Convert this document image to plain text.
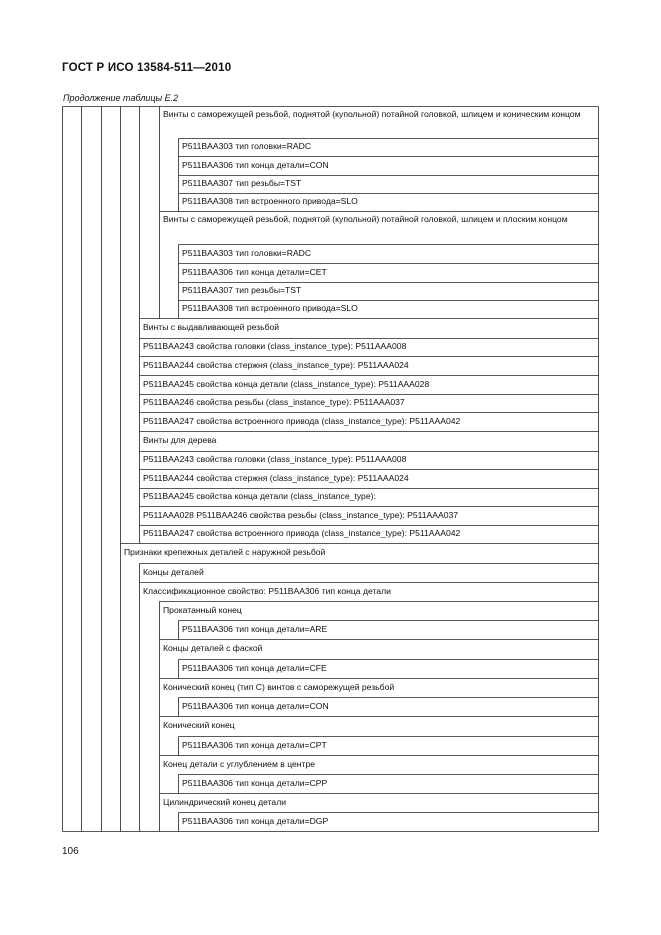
ГОСТ Р ИСО 13584-511—2010
Продолжение таблицы Е.2
Винты с саморежущей резьбой, поднятой (купольной) потайной головкой, шлицем и коническим концом
P511BAA303 тип головки=RADC
P511BAA306 тип конца детали=CON
P511BAA307 тип резьбы=TST
P511BAA308 тип встроенного привода=SLO
Винты с саморежущей резьбой, поднятой (купольной) потайной головкой, шлицем и плоским концом
P511BAA303 тип головки=RADC
P511BAA306 тип конца детали=CET
P511BAA307 тип резьбы=TST
P511BAA308 тип встроенного привода=SLO
Винты с выдавливающей резьбой
P511BAA243 свойства головки (class_instance_type): P511AAA008
P511BAA244 свойства стержня (class_instance_type): P511AAA024
P511BAA245 свойства конца детали (class_instance_type): P511AAA028
P511BAA246 свойства резьбы (class_instance_type): P511AAA037
P511BAA247 свойства встроенного привода (class_instance_type): P511AAA042
Винты для дерева
P511BAA243 свойства головки (class_instance_type): P511AAA008
P511BAA244 свойства стержня (class_instance_type): P511AAA024
P511BAA245 свойства конца детали (class_instance_type):
P511AAA028 P511BAA246 свойства резьбы (class_instance_type): P511AAA037
P511BAA247 свойства встроенного привода (class_instance_type): P511AAA042
Признаки крепежных деталей с наружной резьбой
Концы деталей
Классификационное свойство: P511BAA306 тип конца детали
Прокатанный конец
P511BAA306 тип конца детали=ARE
Концы деталей с фаской
P511BAA306 тип конца детали=CFE
Конический конец (тип С) винтов с саморежущей резьбой
P511BAA306 тип конца детали=CON
Конический конец
P511BAA306 тип конца детали=CPT
Конец детали с углублением в центре
P511BAA306 тип конца детали=CPP
Цилиндрический конец детали
P511BAA306 тип конца детали=DGP
106
